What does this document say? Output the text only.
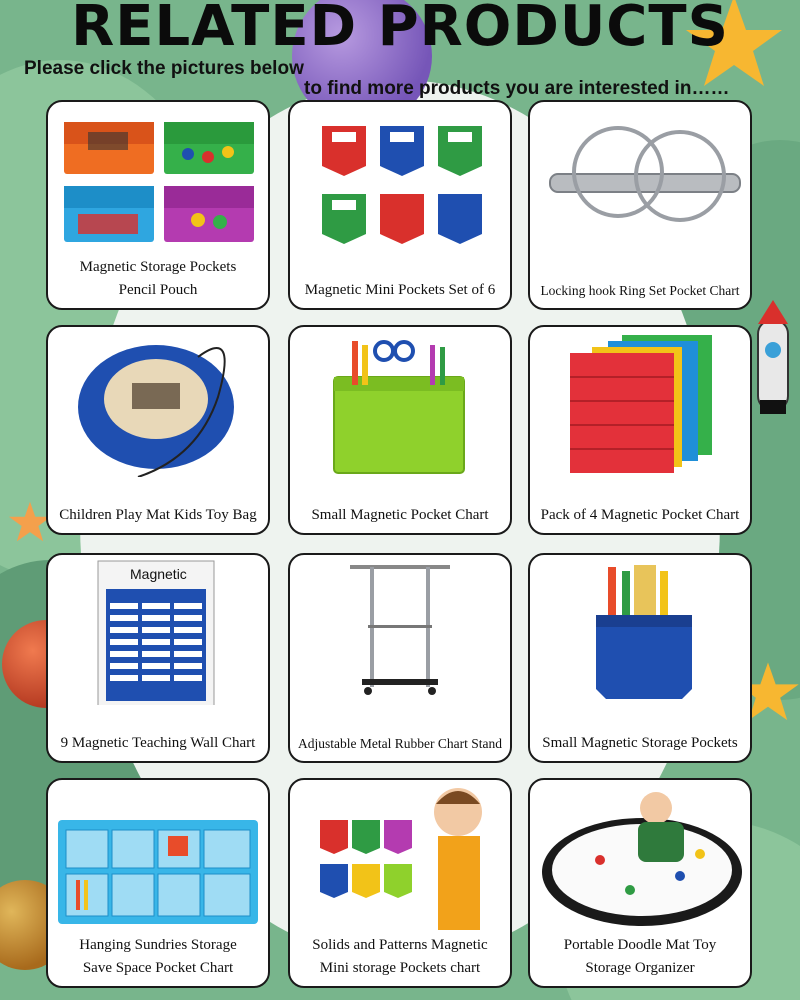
RELATED PRODUCTS
Please click the pictures below
to find more products you are interested in……
Magnetic Storage Pockets
Pencil Pouch	Magnetic Mini Pockets Set of 6	Locking hook Ring Set Pocket Chart
Children Play Mat Kids Toy Bag	Small Magnetic Pocket Chart	Pack of 4 Magnetic Pocket Chart
Magnetic
9 Magnetic Teaching Wall Chart	Adjustable Metal Rubber Chart Stand	Small Magnetic Storage Pockets
Hanging Sundries Storage
Save Space Pocket Chart
Solids and Patterns Magnetic
Mini storage Pockets chart
Portable Doodle Mat Toy
Storage Organizer
